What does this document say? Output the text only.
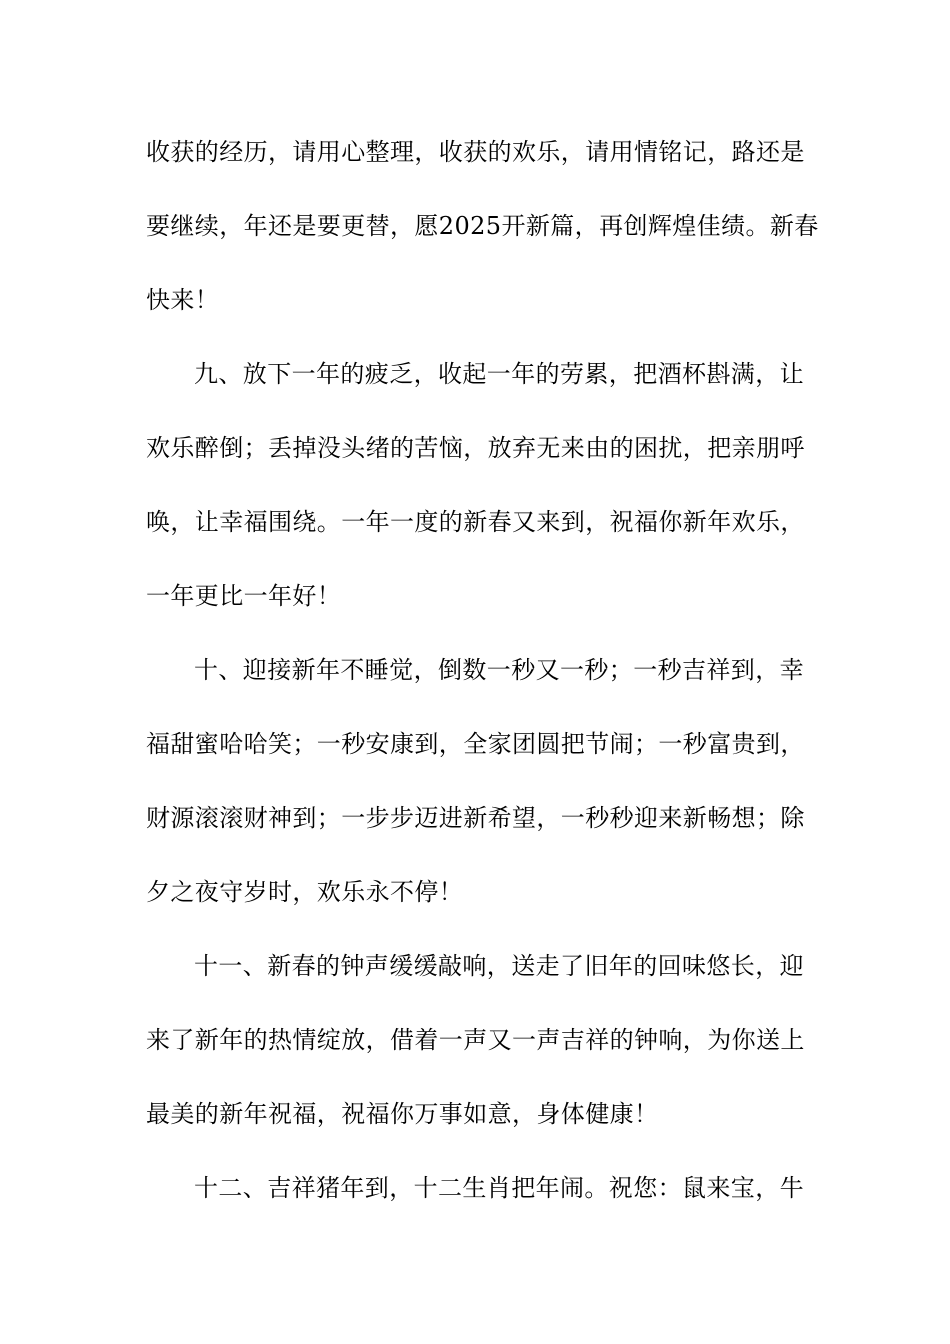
收获的经历，请用心整理，收获的欢乐，请用情铭记，路还是
要继续，年还是要更替，愿2025开新篇，再创辉煌佳绩。新春
快来！
九、放下一年的疲乏，收起一年的劳累，把酒杯斟满，让
欢乐醉倒；丢掉没头绪的苦恼，放弃无来由的困扰，把亲朋呼
唤，让幸福围绕。一年一度的新春又来到，祝福你新年欢乐，
一年更比一年好！
十、迎接新年不睡觉，倒数一秒又一秒；一秒吉祥到，幸
福甜蜜哈哈笑；一秒安康到，全家团圆把节闹；一秒富贵到，
财源滚滚财神到；一步步迈进新希望，一秒秒迎来新畅想；除
夕之夜守岁时，欢乐永不停！
十一、新春的钟声缓缓敲响，送走了旧年的回味悠长，迎
来了新年的热情绽放，借着一声又一声吉祥的钟响，为你送上
最美的新年祝福，祝福你万事如意，身体健康！
十二、吉祥猪年到，十二生肖把年闹。祝您：鼠来宝，牛
